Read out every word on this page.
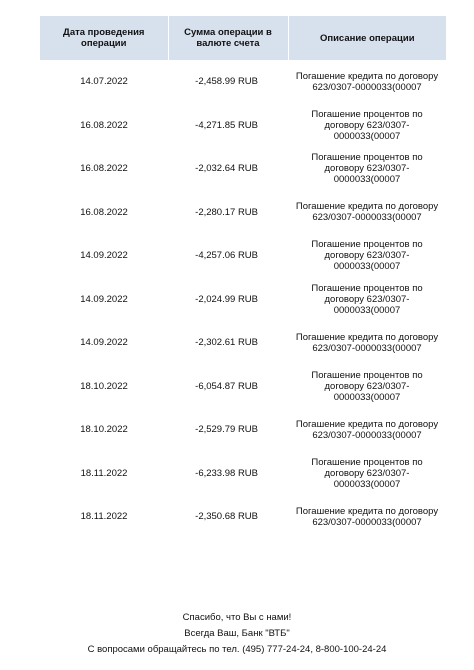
Дата проведения операции	Сумма операции в валюте счета	Описание операции
14.07.2022	-2,458.99 RUB	Погашение кредита по договору 623/0307-0000033(00007
16.08.2022	-4,271.85 RUB	Погашение процентов по договору 623/0307-0000033(00007
16.08.2022	-2,032.64 RUB	Погашение процентов по договору 623/0307-0000033(00007
16.08.2022	-2,280.17 RUB	Погашение кредита по договору 623/0307-0000033(00007
14.09.2022	-4,257.06 RUB	Погашение процентов по договору 623/0307-0000033(00007
14.09.2022	-2,024.99 RUB	Погашение процентов по договору 623/0307-0000033(00007
14.09.2022	-2,302.61 RUB	Погашение кредита по договору 623/0307-0000033(00007
18.10.2022	-6,054.87 RUB	Погашение процентов по договору 623/0307-0000033(00007
18.10.2022	-2,529.79 RUB	Погашение кредита по договору 623/0307-0000033(00007
18.11.2022	-6,233.98 RUB	Погашение процентов по договору 623/0307-0000033(00007
18.11.2022	-2,350.68 RUB	Погашение кредита по договору 623/0307-0000033(00007
Спасибо, что Вы с нами!
Всегда Ваш, Банк "ВТБ"
С вопросами обращайтесь по тел. (495) 777-24-24, 8-800-100-24-24
